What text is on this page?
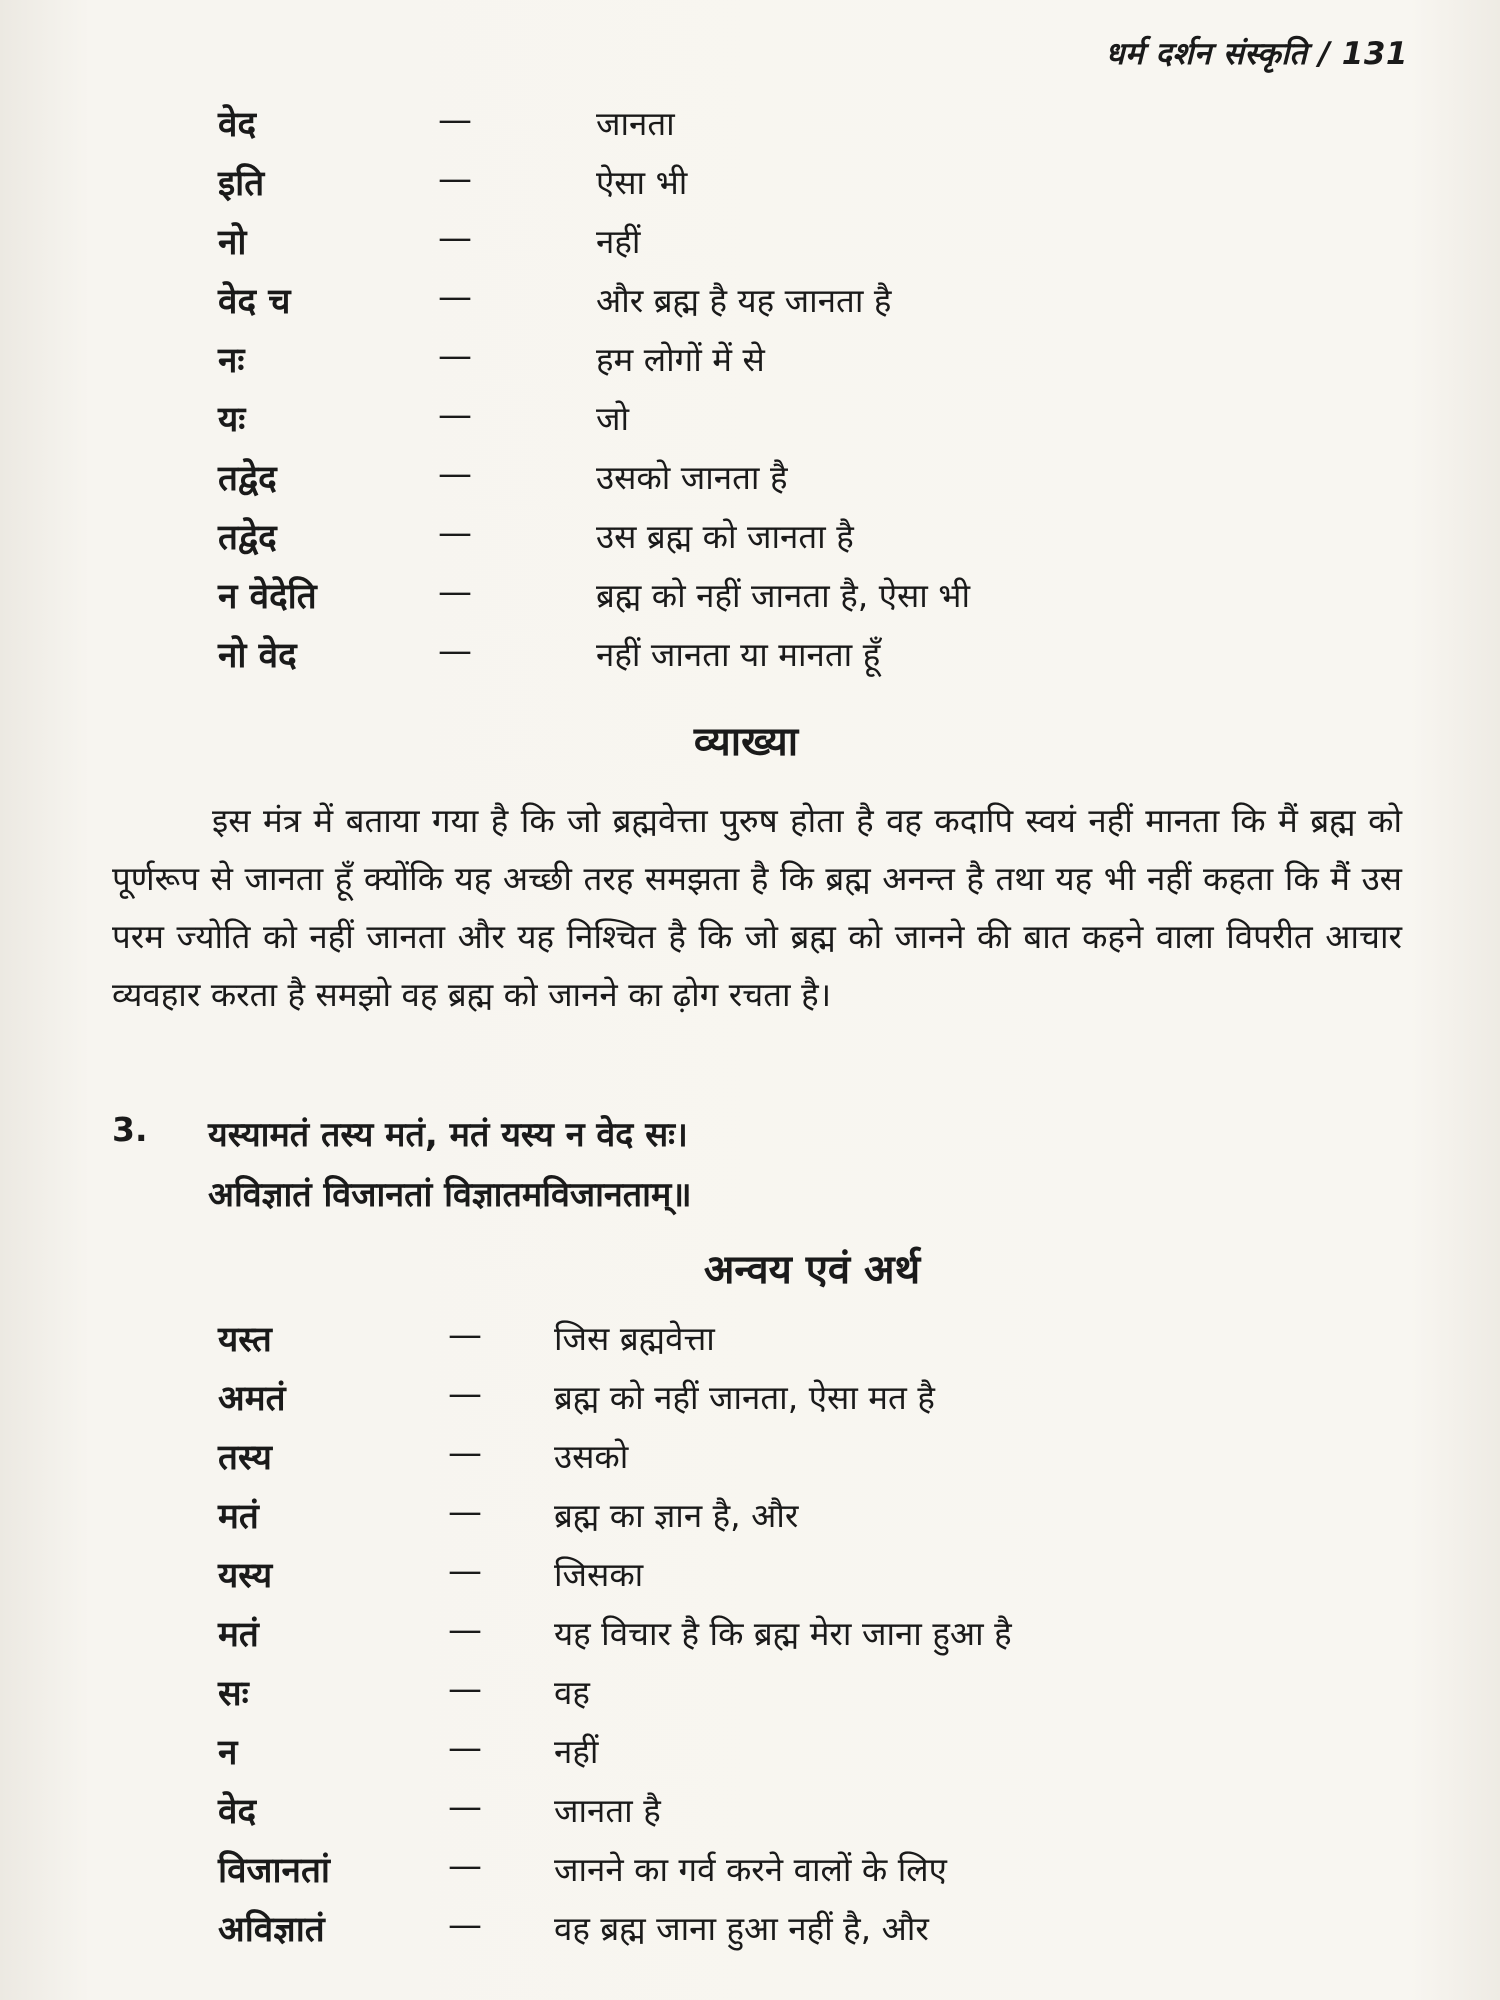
धर्म दर्शन संस्कृति / 131
वेद	—	जानता
इति	—	ऐसा भी
नो	—	नहीं
वेद च	—	और ब्रह्म है यह जानता है
नः	—	हम लोगों में से
यः	—	जो
तद्वेद	—	उसको जानता है
तद्वेद	—	उस ब्रह्म को जानता है
न वेदेति	—	ब्रह्म को नहीं जानता है, ऐसा भी
नो वेद	—	नहीं जानता या मानता हूँ
व्याख्या
इस मंत्र में बताया गया है कि जो ब्रह्मवेत्ता पुरुष होता है वह कदापि स्वयं नहीं मानता कि मैं ब्रह्म को पूर्णरूप से जानता हूँ क्योंकि यह अच्छी तरह समझता है कि ब्रह्म अनन्त है तथा यह भी नहीं कहता कि मैं उस परम ज्योति को नहीं जानता और यह निश्चित है कि जो ब्रह्म को जानने की बात कहने वाला विपरीत आचार व्यवहार करता है समझो वह ब्रह्म को जानने का ढ़ोग रचता है।
3. यस्यामतं तस्य मतं, मतं यस्य न वेद सः।
अविज्ञातं विजानतां विज्ञातमविजानताम्॥
अन्वय एवं अर्थ
यस्त	— जिस ब्रह्मवेत्ता
अमतं	— ब्रह्म को नहीं जानता, ऐसा मत है
तस्य	— उसको
मतं	— ब्रह्म का ज्ञान है, और
यस्य	— जिसका
मतं	— यह विचार है कि ब्रह्म मेरा जाना हुआ है
सः	— वह
न	— नहीं
वेद	— जानता है
विजानतां	— जानने का गर्व करने वालों के लिए
अविज्ञातं	— वह ब्रह्म जाना हुआ नहीं है, और
